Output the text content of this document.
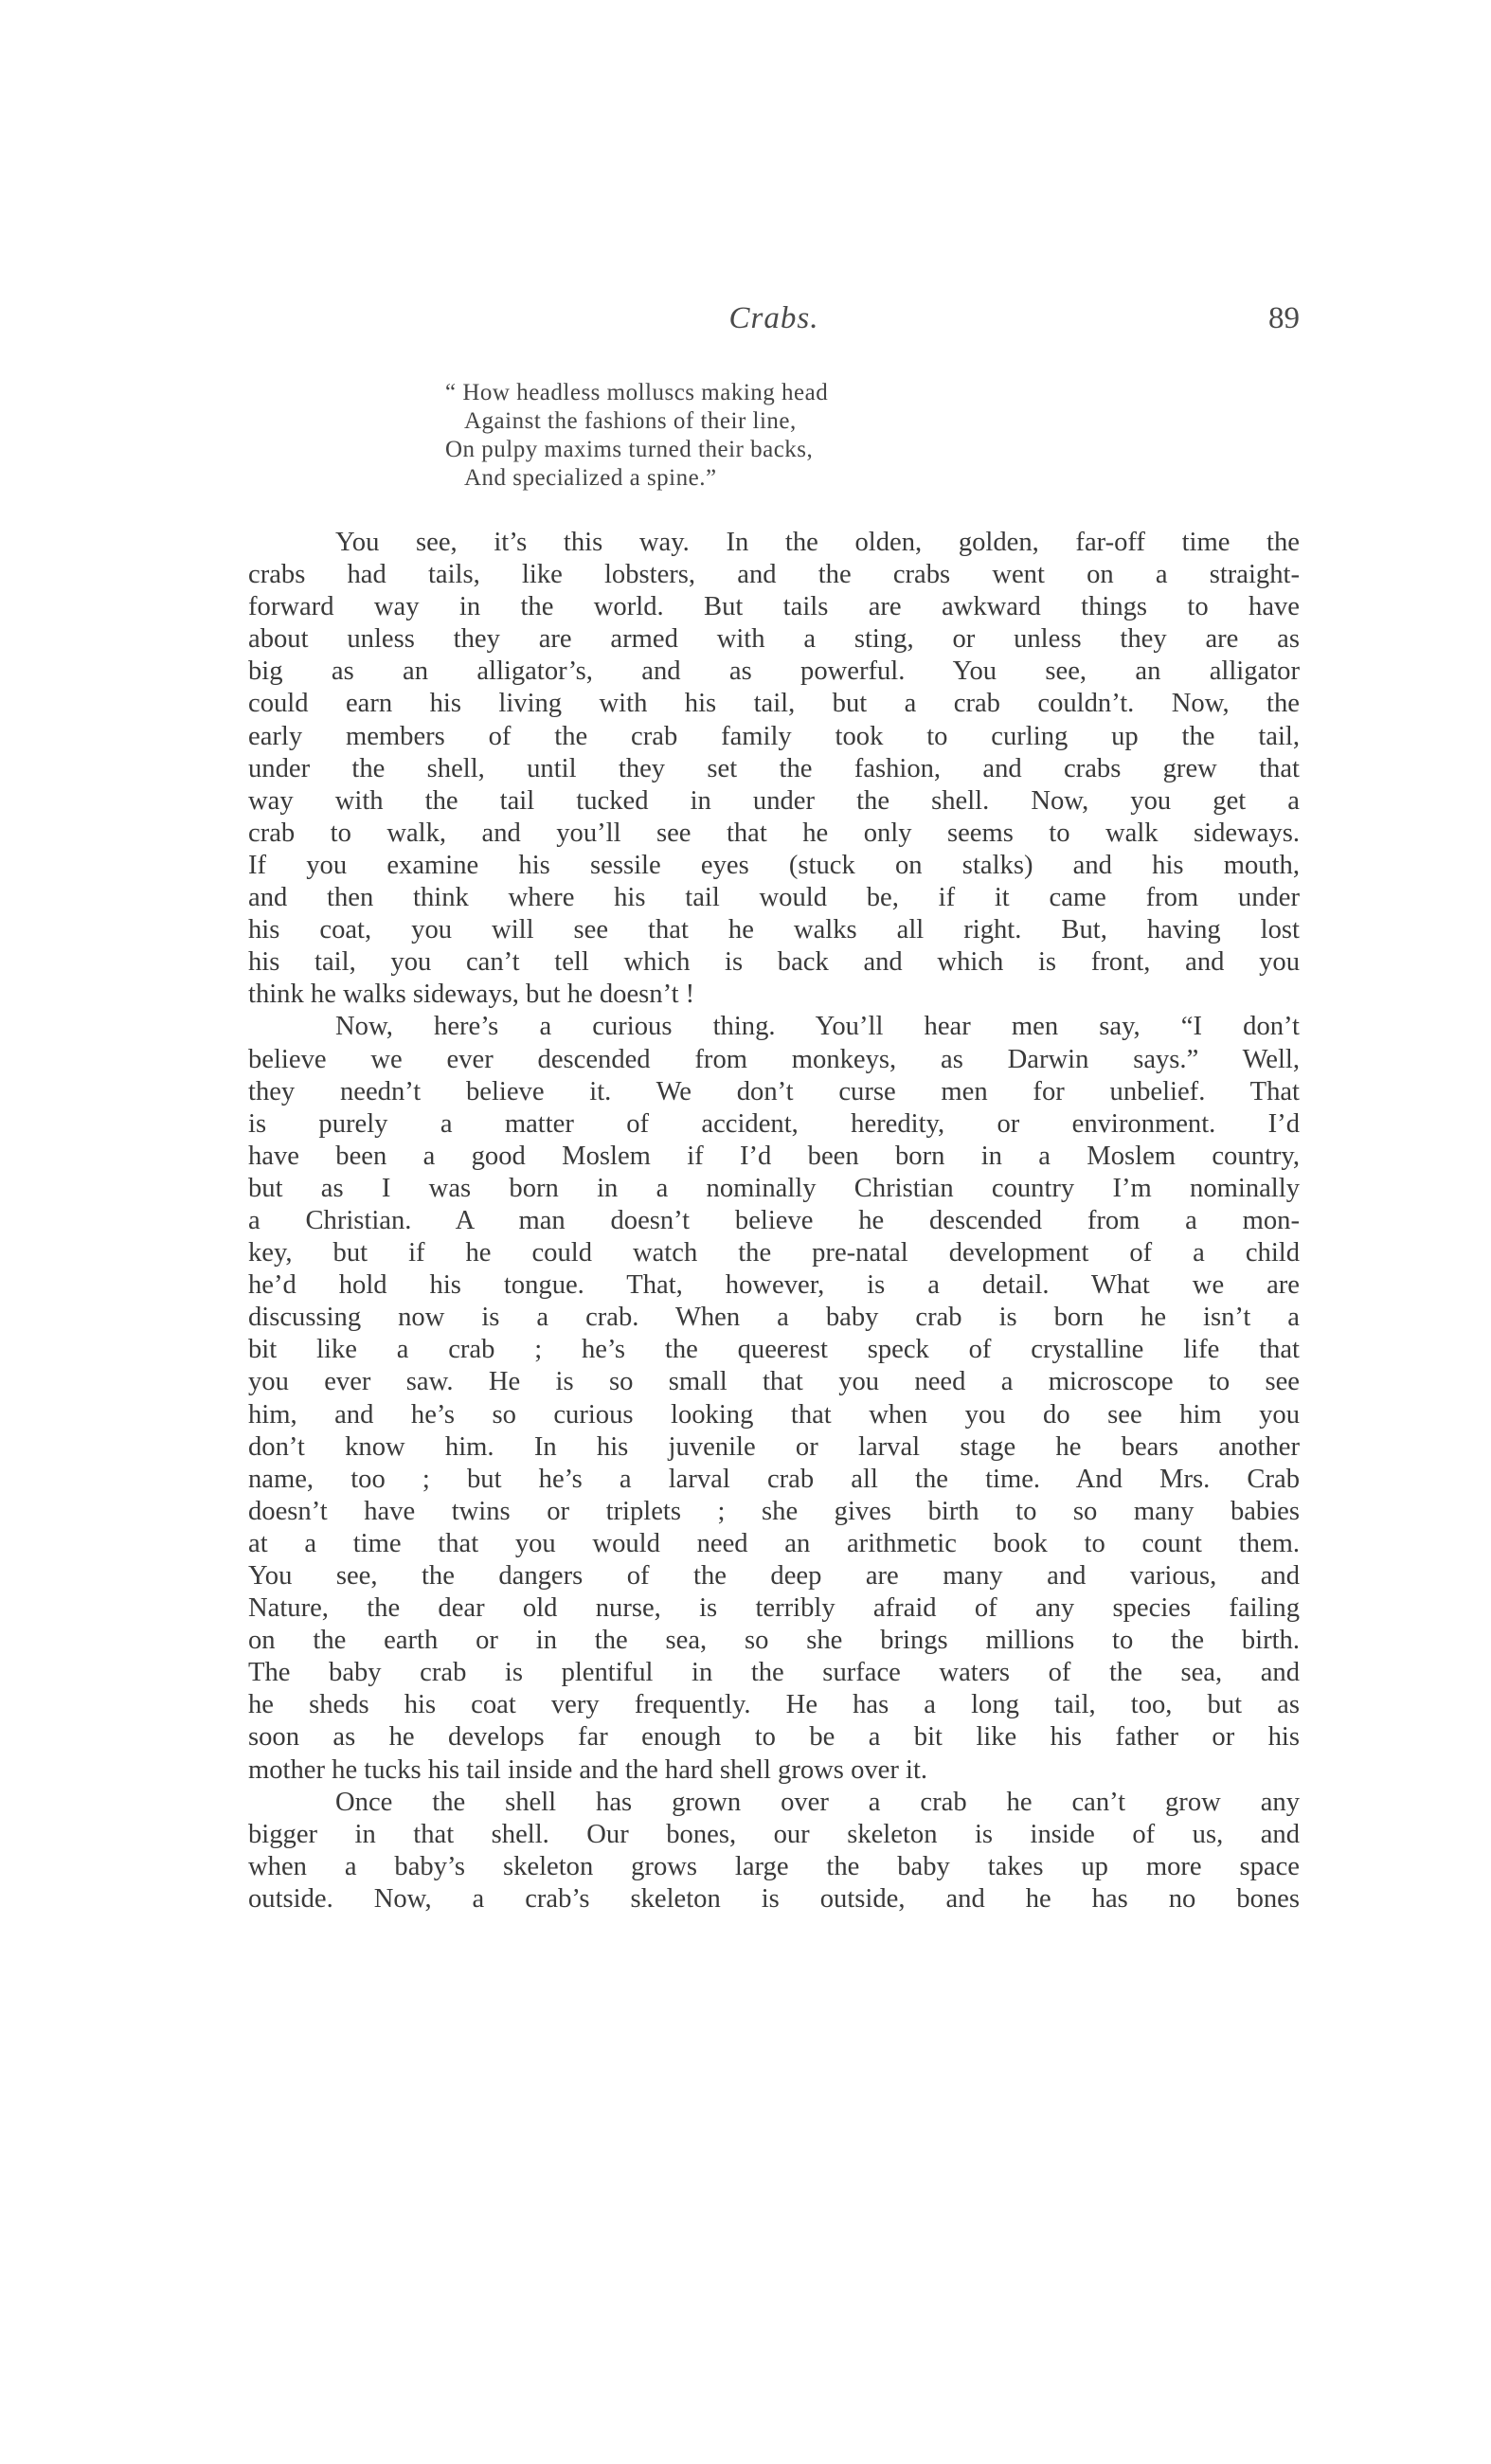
Crabs.	89
“ How headless molluscs making head
Against the fashions of their line,
On pulpy maxims turned their backs,
And specialized a spine.”
You see, it’s this way. In the olden, golden, far-off time the
crabs had tails, like lobsters, and the crabs went on a straight-
forward way in the world. But tails are awkward things to have
about unless they are armed with a sting, or unless they are as
big as an alligator’s, and as powerful. You see, an alligator
could earn his living with his tail, but a crab couldn’t. Now, the
early members of the crab family took to curling up the tail,
under the shell, until they set the fashion, and crabs grew that
way with the tail tucked in under the shell. Now, you get a
crab to walk, and you’ll see that he only seems to walk sideways.
If you examine his sessile eyes (stuck on stalks) and his mouth,
and then think where his tail would be, if it came from under
his coat, you will see that he walks all right. But, having lost
his tail, you can’t tell which is back and which is front, and you
think he walks sideways, but he doesn’t !
Now, here’s a curious thing. You’ll hear men say, “I don’t
believe we ever descended from monkeys, as Darwin says.” Well,
they needn’t believe it. We don’t curse men for unbelief. That
is purely a matter of accident, heredity, or environment. I’d
have been a good Moslem if I’d been born in a Moslem country,
but as I was born in a nominally Christian country I’m nominally
a Christian. A man doesn’t believe he descended from a mon-
key, but if he could watch the pre-natal development of a child
he’d hold his tongue. That, however, is a detail. What we are
discussing now is a crab. When a baby crab is born he isn’t a
bit like a crab ; he’s the queerest speck of crystalline life that
you ever saw. He is so small that you need a microscope to see
him, and he’s so curious looking that when you do see him you
don’t know him. In his juvenile or larval stage he bears another
name, too ; but he’s a larval crab all the time. And Mrs. Crab
doesn’t have twins or triplets ; she gives birth to so many babies
at a time that you would need an arithmetic book to count them.
You see, the dangers of the deep are many and various, and
Nature, the dear old nurse, is terribly afraid of any species failing
on the earth or in the sea, so she brings millions to the birth.
The baby crab is plentiful in the surface waters of the sea, and
he sheds his coat very frequently. He has a long tail, too, but as
soon as he develops far enough to be a bit like his father or his
mother he tucks his tail inside and the hard shell grows over it.
Once the shell has grown over a crab he can’t grow any
bigger in that shell. Our bones, our skeleton is inside of us, and
when a baby’s skeleton grows large the baby takes up more space
outside. Now, a crab’s skeleton is outside, and he has no bones
